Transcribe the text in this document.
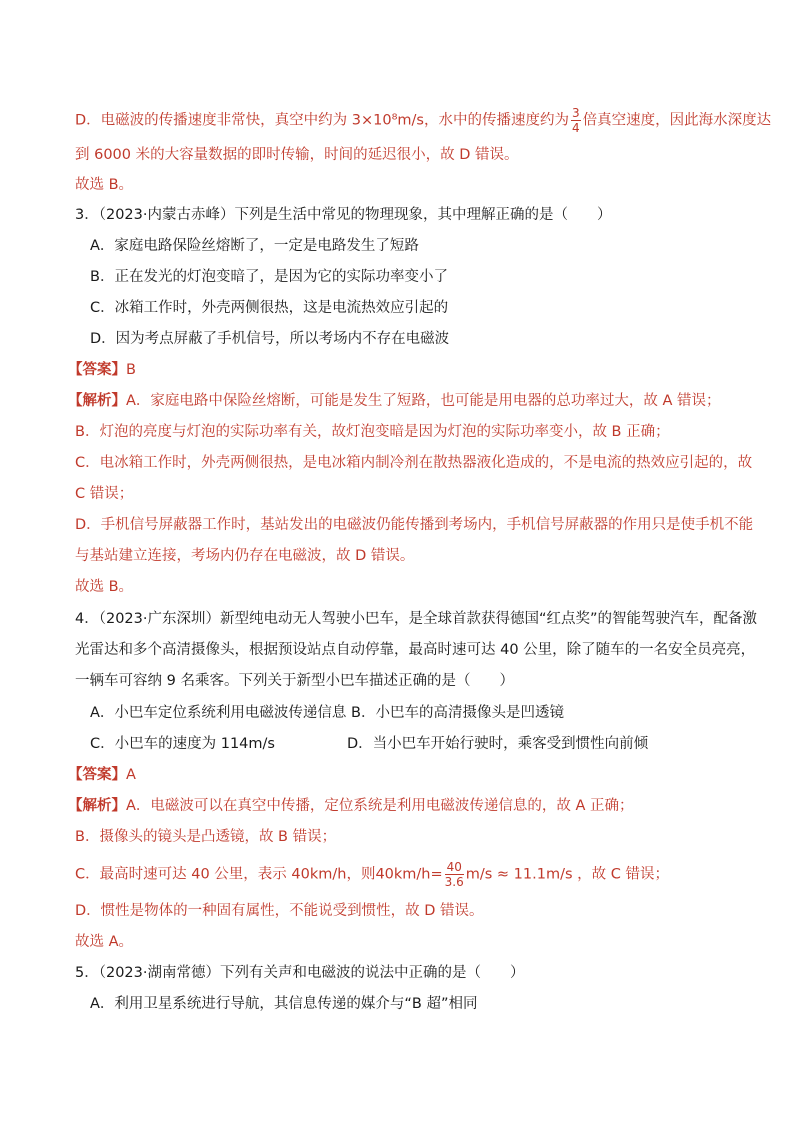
D．电磁波的传播速度非常快，真空中约为 3×10⁸m/s，水中的传播速度约为 $\frac{3}{4}$ 倍真空速度，因此海水深度达
到 6000 米的大容量数据的即时传输，时间的延迟很小，故 D 错误。
故选 B。
3．（2023·内蒙古赤峰）下列是生活中常见的物理现象，其中理解正确的是（　　）
A．家庭电路保险丝熔断了，一定是电路发生了短路
B．正在发光的灯泡变暗了，是因为它的实际功率变小了
C．冰箱工作时，外壳两侧很热，这是电流热效应引起的
D．因为考点屏蔽了手机信号，所以考场内不存在电磁波
【答案】B
【解析】A．家庭电路中保险丝熔断，可能是发生了短路，也可能是用电器的总功率过大，故 A 错误；
B．灯泡的亮度与灯泡的实际功率有关，故灯泡变暗是因为灯泡的实际功率变小，故 B 正确；
C．电冰箱工作时，外壳两侧很热，是电冰箱内制冷剂在散热器液化造成的，不是电流的热效应引起的，故
C 错误；
D．手机信号屏蔽器工作时，基站发出的电磁波仍能传播到考场内，手机信号屏蔽器的作用只是使手机不能
与基站建立连接，考场内仍存在电磁波，故 D 错误。
故选 B。
4．（2023·广东深圳）新型纯电动无人驾驶小巴车，是全球首款获得德国“红点奖”的智能驾驶汽车，配备激
光雷达和多个高清摄像头，根据预设站点自动停靠，最高时速可达 40 公里，除了随车的一名安全员亮亮，
一辆车可容纳 9 名乘客。下列关于新型小巴车描述正确的是（　　）
A．小巴车定位系统利用电磁波传递信息 B．小巴车的高清摄像头是凹透镜
C．小巴车的速度为 114m/s	D．当小巴车开始行驶时，乘客受到惯性向前倾
【答案】A
【解析】A．电磁波可以在真空中传播，定位系统是利用电磁波传递信息的，故 A 正确；
B．摄像头的镜头是凸透镜，故 B 错误；
C．最高时速可达 40 公里，表示 40km/h，则$40km/h= \frac{40}{3.6} m/s \approx 11.1m/s$ ，故 C 错误；
D．惯性是物体的一种固有属性，不能说受到惯性，故 D 错误。
故选 A。
5．（2023·湖南常德）下列有关声和电磁波的说法中正确的是（　　）
A．利用卫星系统进行导航，其信息传递的媒介与“B 超”相同
